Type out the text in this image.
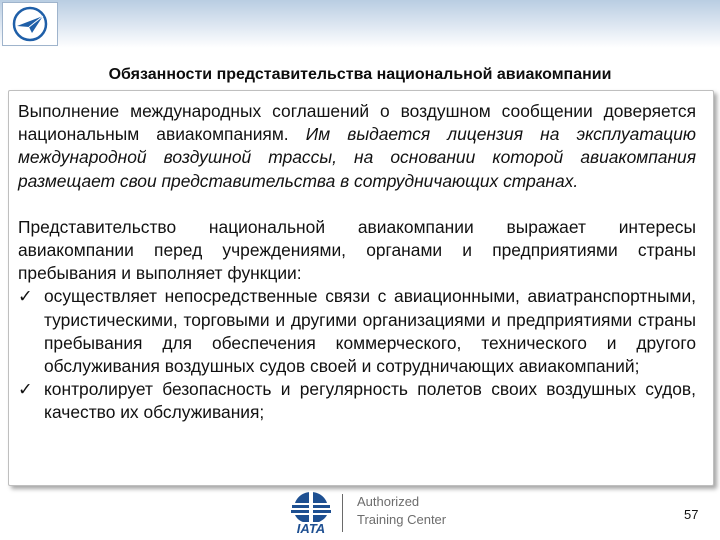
Обязанности представительства национальной авиакомпании

Выполнение международных соглашений о воздушном сообщении доверяется национальным авиакомпаниям. Им выдается лицензия на эксплуатацию международной воздушной трассы, на основании которой авиакомпания размещает свои представительства в сотрудничающих странах.

Представительство национальной авиакомпании выражает интересы авиакомпании перед учреждениями, органами и предприятиями страны пребывания и выполняет функции:

✓ осуществляет непосредственные связи с авиационными, авиатранспортными, туристическими, торговыми и другими организациями и предприятиями страны пребывания для обеспечения коммерческого, технического и другого обслуживания воздушных судов своей и сотрудничающих авиакомпаний;

✓ контролирует безопасность и регулярность полетов своих воздушных судов, качество их обслуживания;

IATA
Authorized
Training Center	57
